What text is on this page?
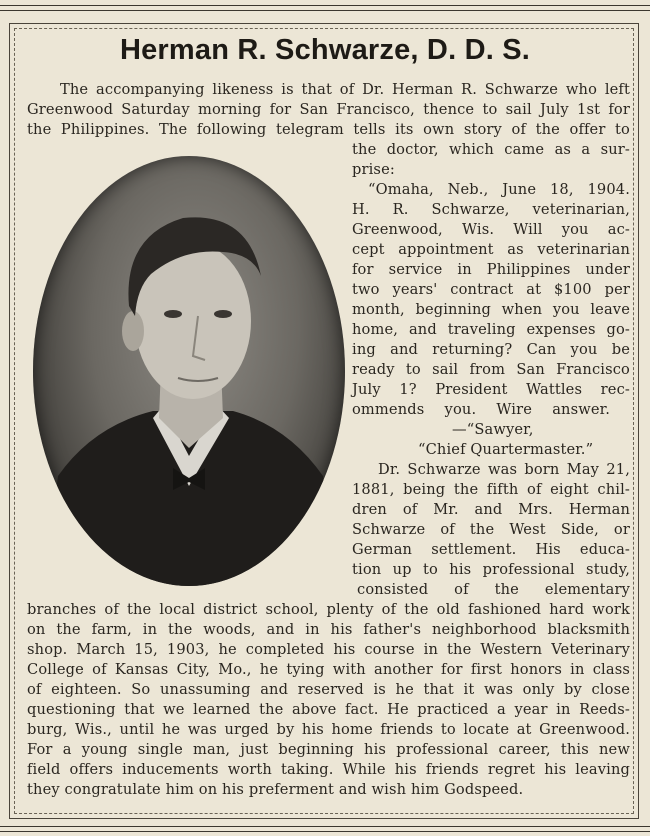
Herman R. Schwarze, D. D. S.
The accompanying likeness is that of Dr. Herman R. Schwarze who left
Greenwood Saturday morning for San Francisco, thence to sail July 1st for
the Philippines. The following telegram tells its own story of the offer to
the doctor, which came as a sur-
prise:
“Omaha, Neb., June 18, 1904.
H. R. Schwarze, veterinarian,
Greenwood, Wis. Will you ac-
cept appointment as veterinarian
for service in Philippines under
two years' contract at $100 per
month, beginning when you leave
home, and traveling expenses go-
ing and returning? Can you be
ready to sail from San Francisco
July 1? President Wattles rec-
ommends you. Wire answer.
—“Sawyer,
“Chief Quartermaster.”
Dr. Schwarze was born May 21,
1881, being the fifth of eight chil-
dren of Mr. and Mrs. Herman
Schwarze of the West Side, or
German settlement. His educa-
tion up to his professional study,
consisted of the elementary
branches of the local district school, plenty of the old fashioned hard work
on the farm, in the woods, and in his father's neighborhood blacksmith
shop. March 15, 1903, he completed his course in the Western Veterinary
College of Kansas City, Mo., he tying with another for first honors in class
of eighteen. So unassuming and reserved is he that it was only by close
questioning that we learned the above fact. He practiced a year in Reeds-
burg, Wis., until he was urged by his home friends to locate at Greenwood.
For a young single man, just beginning his professional career, this new
field offers inducements worth taking. While his friends regret his leaving
they congratulate him on his preferment and wish him Godspeed.
